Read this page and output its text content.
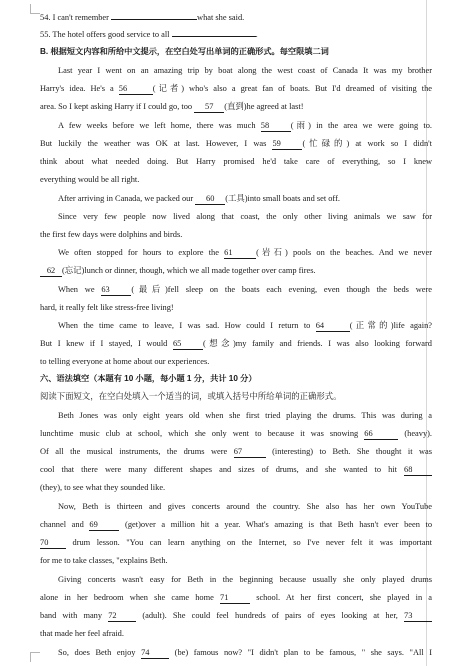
54. I can't remember	what she said.
55. The hotel offers good service to all	.
B. 根据短文内容和所给中文提示，在空白处写出单词的正确形式。每空限填二词
Last year I went on an amazing trip by boat along the west coast of Canada It was my brother
Harry's idea. He's a 56	(记者) who's also a great fan of boats. But I'd dreamed of visiting the
area. So I kept asking Harry if I could go, too 57 (直到)he agreed at last!
A few weeks before we left home, there was much 58	(雨) in the area we were going to.
But luckily the weather was OK at last. However, I was 59	(忙碌的) at work so I didn't
think about what needed doing. But Harry promised he'd take care of everything, so I knew
everything would be all right.
After arriving in Canada, we packed our 60 (工具)into small boats and set off.
Since very few people now lived along that coast, the only other living animals we saw for
the first few days were dolphins and birds.
We often stopped for hours to explore the 61	(岩石) pools on the beaches. And we never
62 (忘记)lunch or dinner, though, which we all made together over camp fires.
When we 63	(最后)fell sleep on the boats each evening, even though the beds were
hard, it really felt like stress-free living!
When the time came to leave, I was sad. How could I return to 64	(正常的)life again?
But I knew if I stayed, I would 65	(想念)my family and friends. I was also looking forward
to telling everyone at home about our experiences.
六、语法填空（本题有 10 小题，每小题 1 分，共计 10 分）
阅读下面短文，在空白处填入一个适当的词，或填入括号中所给单词的正确形式。
Beth Jones was only eight years old when she first tried playing the drums. This was during a
lunchtime music club at school, which she only went to because it was snowing 66	(heavy).
Of all the musical instruments, the drums were 67	(interesting) to Beth. She thought it was
cool that there were many different shapes and sizes of drums, and she wanted to hit 68
(they), to see what they sounded like.
Now, Beth is thirteen and gives concerts around the country. She also has her own YouTube
channel and 69	(get)over a million hit a year. What's amazing is that Beth hasn't ever been to
70	drum lesson. "You can learn anything on the Internet, so I've never felt it was important
for me to take classes, "explains Beth.
Giving concerts wasn't easy for Beth in the beginning because usually she only played drums
alone in her bedroom when she came home 71	school. At her first concert, she played in a
band with many 72	(adult). She could feel hundreds of pairs of eyes looking at her, 73
that made her feel afraid.
So, does Beth enjoy 74	(be) famous now? "I didn't plan to be famous, " she says. "All I
